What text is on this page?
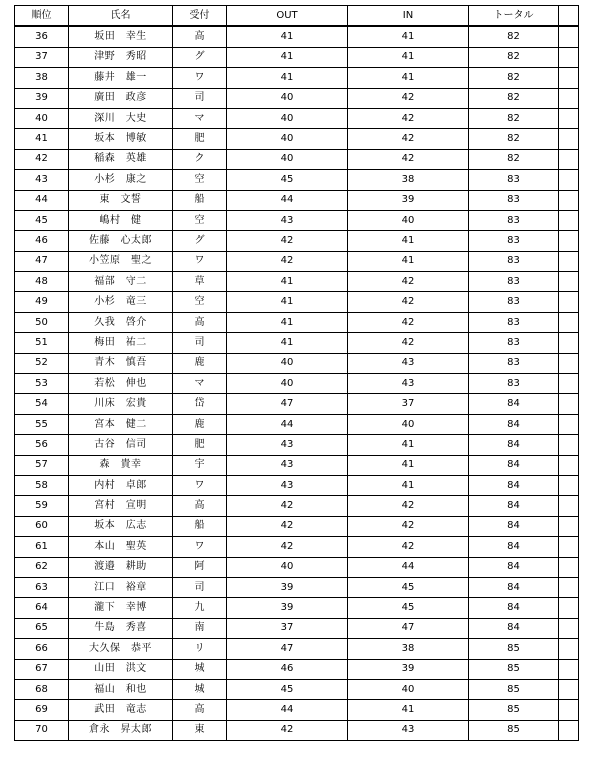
順位	氏名	受付	OUT	IN	トータル	
36	坂田　幸生	高	41	41	82	
37	津野　秀昭	グ	41	41	82	
38	藤井　雄一	ワ	41	41	82	
39	廣田　政彦	司	40	42	82	
40	深川　大史	マ	40	42	82	
41	坂本　博敏	肥	40	42	82	
42	稲森　英雄	ク	40	42	82	
43	小杉　康之	空	45	38	83	
44	東　文誓	船	44	39	83	
45	嶋村　健	空	43	40	83	
46	佐藤　心太郎	グ	42	41	83	
47	小笠原　聖之	ワ	42	41	83	
48	福部　守二	草	41	42	83	
49	小杉　竜三	空	41	42	83	
50	久我　啓介	高	41	42	83	
51	梅田　祐二	司	41	42	83	
52	青木　慎吾	鹿	40	43	83	
53	若松　伸也	マ	40	43	83	
54	川床　宏貴	岱	47	37	84	
55	宮本　健二	鹿	44	40	84	
56	古谷　信司	肥	43	41	84	
57	森　貴幸	宇	43	41	84	
58	内村　卓郎	ワ	43	41	84	
59	宮村　宣明	高	42	42	84	
60	坂本　広志	船	42	42	84	
61	本山　聖英	ワ	42	42	84	
62	渡邉　耕助	阿	40	44	84	
63	江口　裕章	司	39	45	84	
64	瀧下　幸博	九	39	45	84	
65	牛島　秀喜	南	37	47	84	
66	大久保　恭平	リ	47	38	85	
67	山田　洪文	城	46	39	85	
68	福山　和也	城	45	40	85	
69	武田　竜志	高	44	41	85	
70	倉永　昇太郎	東	42	43	85	
